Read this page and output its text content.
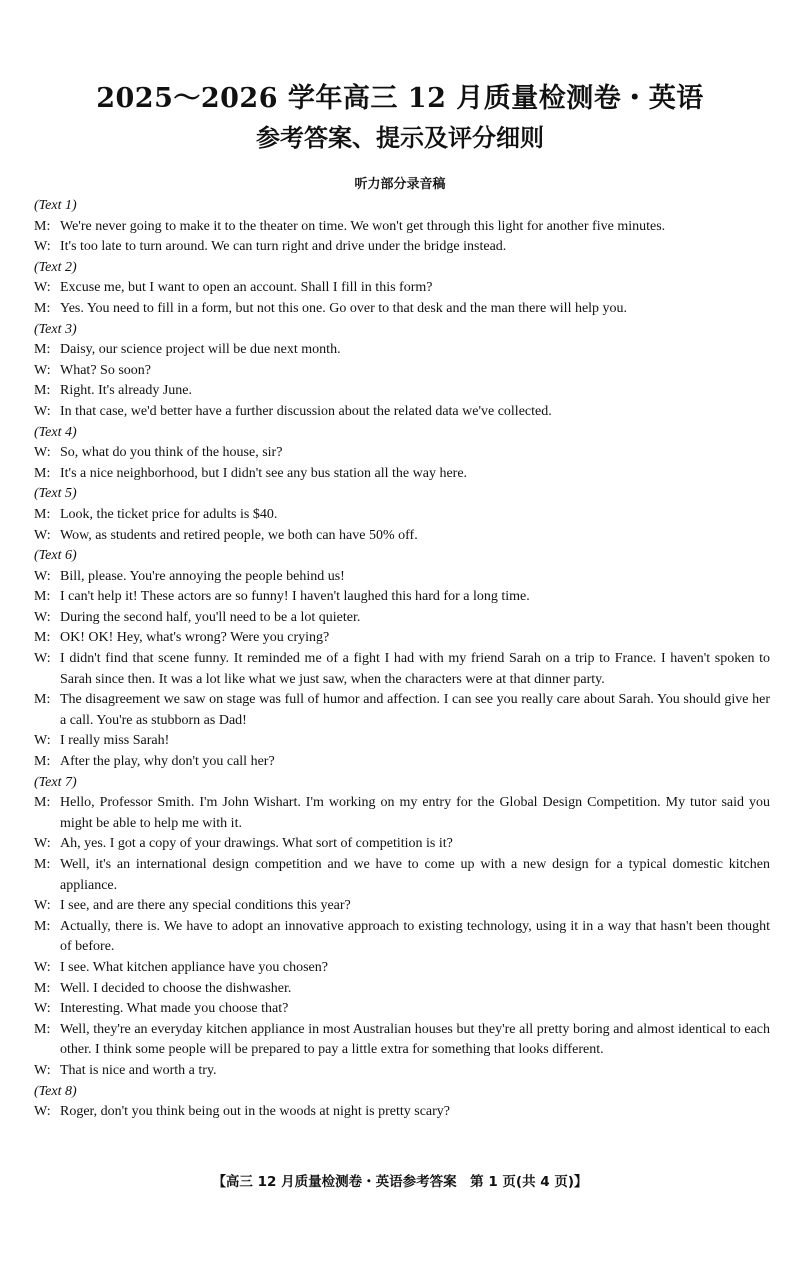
2025～2026 学年高三 12 月质量检测卷・英语
参考答案、提示及评分细则
听力部分录音稿
(Text 1)
M: We're never going to make it to the theater on time. We won't get through this light for another five minutes.
W: It's too late to turn around. We can turn right and drive under the bridge instead.
(Text 2)
W: Excuse me, but I want to open an account. Shall I fill in this form?
M: Yes. You need to fill in a form, but not this one. Go over to that desk and the man there will help you.
(Text 3)
M: Daisy, our science project will be due next month.
W: What? So soon?
M: Right. It's already June.
W: In that case, we'd better have a further discussion about the related data we've collected.
(Text 4)
W: So, what do you think of the house, sir?
M: It's a nice neighborhood, but I didn't see any bus station all the way here.
(Text 5)
M: Look, the ticket price for adults is $40.
W: Wow, as students and retired people, we both can have 50% off.
(Text 6)
W: Bill, please. You're annoying the people behind us!
M: I can't help it! These actors are so funny! I haven't laughed this hard for a long time.
W: During the second half, you'll need to be a lot quieter.
M: OK! OK! Hey, what's wrong? Were you crying?
W: I didn't find that scene funny. It reminded me of a fight I had with my friend Sarah on a trip to France. I haven't spoken to Sarah since then. It was a lot like what we just saw, when the characters were at that dinner party.
M: The disagreement we saw on stage was full of humor and affection. I can see you really care about Sarah. You should give her a call. You're as stubborn as Dad!
W: I really miss Sarah!
M: After the play, why don't you call her?
(Text 7)
M: Hello, Professor Smith. I'm John Wishart. I'm working on my entry for the Global Design Competition. My tutor said you might be able to help me with it.
W: Ah, yes. I got a copy of your drawings. What sort of competition is it?
M: Well, it's an international design competition and we have to come up with a new design for a typical domestic kitchen appliance.
W: I see, and are there any special conditions this year?
M: Actually, there is. We have to adopt an innovative approach to existing technology, using it in a way that hasn't been thought of before.
W: I see. What kitchen appliance have you chosen?
M: Well. I decided to choose the dishwasher.
W: Interesting. What made you choose that?
M: Well, they're an everyday kitchen appliance in most Australian houses but they're all pretty boring and almost identical to each other. I think some people will be prepared to pay a little extra for something that looks different.
W: That is nice and worth a try.
(Text 8)
W: Roger, don't you think being out in the woods at night is pretty scary?
【高三 12 月质量检测卷・英语参考答案　第 1 页(共 4 页)】
